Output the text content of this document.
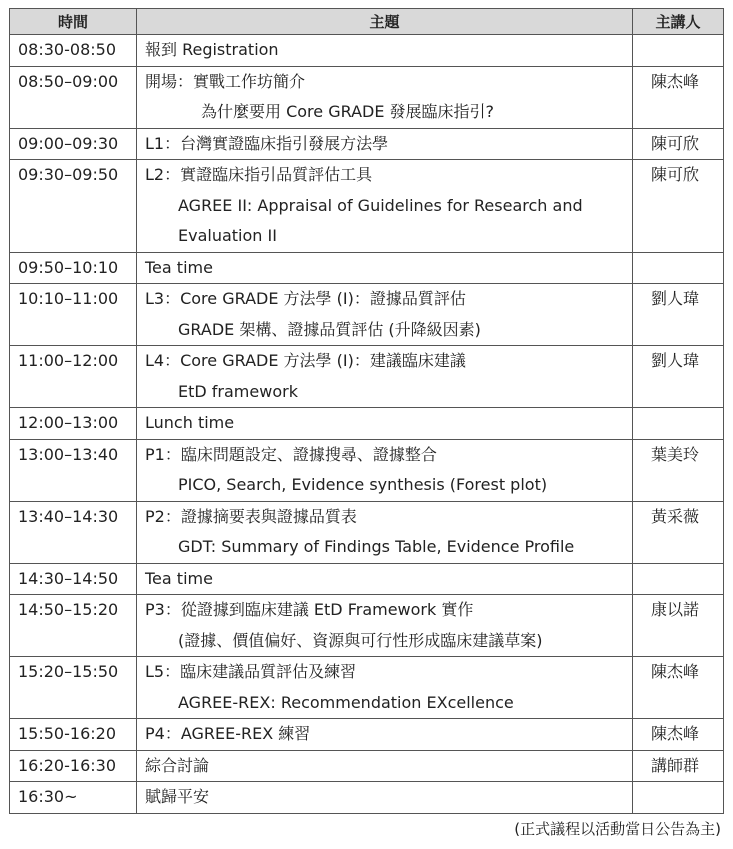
時間	主題	主講人
08:30-08:50	報到 Registration	
08:50–09:00	開場：實戰工作坊簡介
為什麼要用 Core GRADE 發展臨床指引?	陳杰峰
09:00–09:30	L1：台灣實證臨床指引發展方法學	陳可欣
09:30–09:50	L2：實證臨床指引品質評估工具
AGREE II: Appraisal of Guidelines for Research and
Evaluation II	陳可欣
09:50–10:10	Tea time	
10:10–11:00	L3：Core GRADE 方法學 (I)：證據品質評估
GRADE 架構、證據品質評估 (升降級因素)	劉人瑋
11:00–12:00	L4：Core GRADE 方法學 (I)：建議臨床建議
EtD framework	劉人瑋
12:00–13:00	Lunch time	
13:00–13:40	P1：臨床問題設定、證據搜尋、證據整合
PICO, Search, Evidence synthesis (Forest plot)	葉美玲
13:40–14:30	P2：證據摘要表與證據品質表
GDT: Summary of Findings Table, Evidence Profile	黃采薇
14:30–14:50	Tea time	
14:50–15:20	P3：從證據到臨床建議 EtD Framework 實作
(證據、價值偏好、資源與可行性形成臨床建議草案)	康以諾
15:20–15:50	L5：臨床建議品質評估及練習
AGREE-REX: Recommendation EXcellence	陳杰峰
15:50-16:20	P4：AGREE-REX 練習	陳杰峰
16:20-16:30	綜合討論	講師群
16:30~	賦歸平安	
(正式議程以活動當日公告為主)
